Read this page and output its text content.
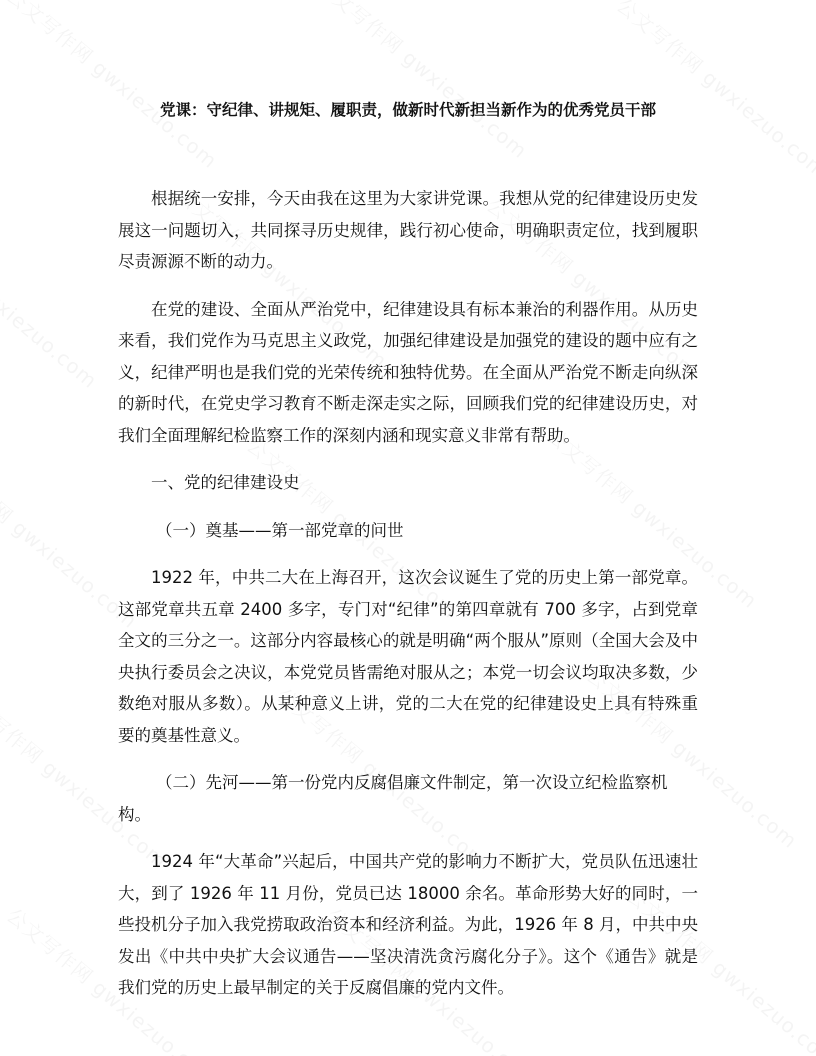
党课：守纪律、讲规矩、履职责，做新时代新担当新作为的优秀党员干部

根据统一安排，今天由我在这里为大家讲党课。我想从党的纪律建设历史发展这一问题切入，共同探寻历史规律，践行初心使命，明确职责定位，找到履职尽责源源不断的动力。

在党的建设、全面从严治党中，纪律建设具有标本兼治的利器作用。从历史来看，我们党作为马克思主义政党，加强纪律建设是加强党的建设的题中应有之义，纪律严明也是我们党的光荣传统和独特优势。在全面从严治党不断走向纵深的新时代，在党史学习教育不断走深走实之际，回顾我们党的纪律建设历史，对我们全面理解纪检监察工作的深刻内涵和现实意义非常有帮助。

一、党的纪律建设史

（一）奠基——第一部党章的问世

1922 年，中共二大在上海召开，这次会议诞生了党的历史上第一部党章。这部党章共五章 2400 多字，专门对“纪律”的第四章就有 700 多字，占到党章全文的三分之一。这部分内容最核心的就是明确“两个服从”原则（全国大会及中央执行委员会之决议，本党党员皆需绝对服从之；本党一切会议均取决多数，少数绝对服从多数）。从某种意义上讲，党的二大在党的纪律建设史上具有特殊重要的奠基性意义。

（二）先河——第一份党内反腐倡廉文件制定，第一次设立纪检监察机构。

1924 年“大革命”兴起后，中国共产党的影响力不断扩大，党员队伍迅速壮大，到了 1926 年 11 月份，党员已达 18000 余名。革命形势大好的同时，一些投机分子加入我党捞取政治资本和经济利益。为此，1926 年 8 月，中共中央发出《中共中央扩大会议通告——坚决清洗贪污腐化分子》。这个《通告》就是我们党的历史上最早制定的关于反腐倡廉的党内文件。
